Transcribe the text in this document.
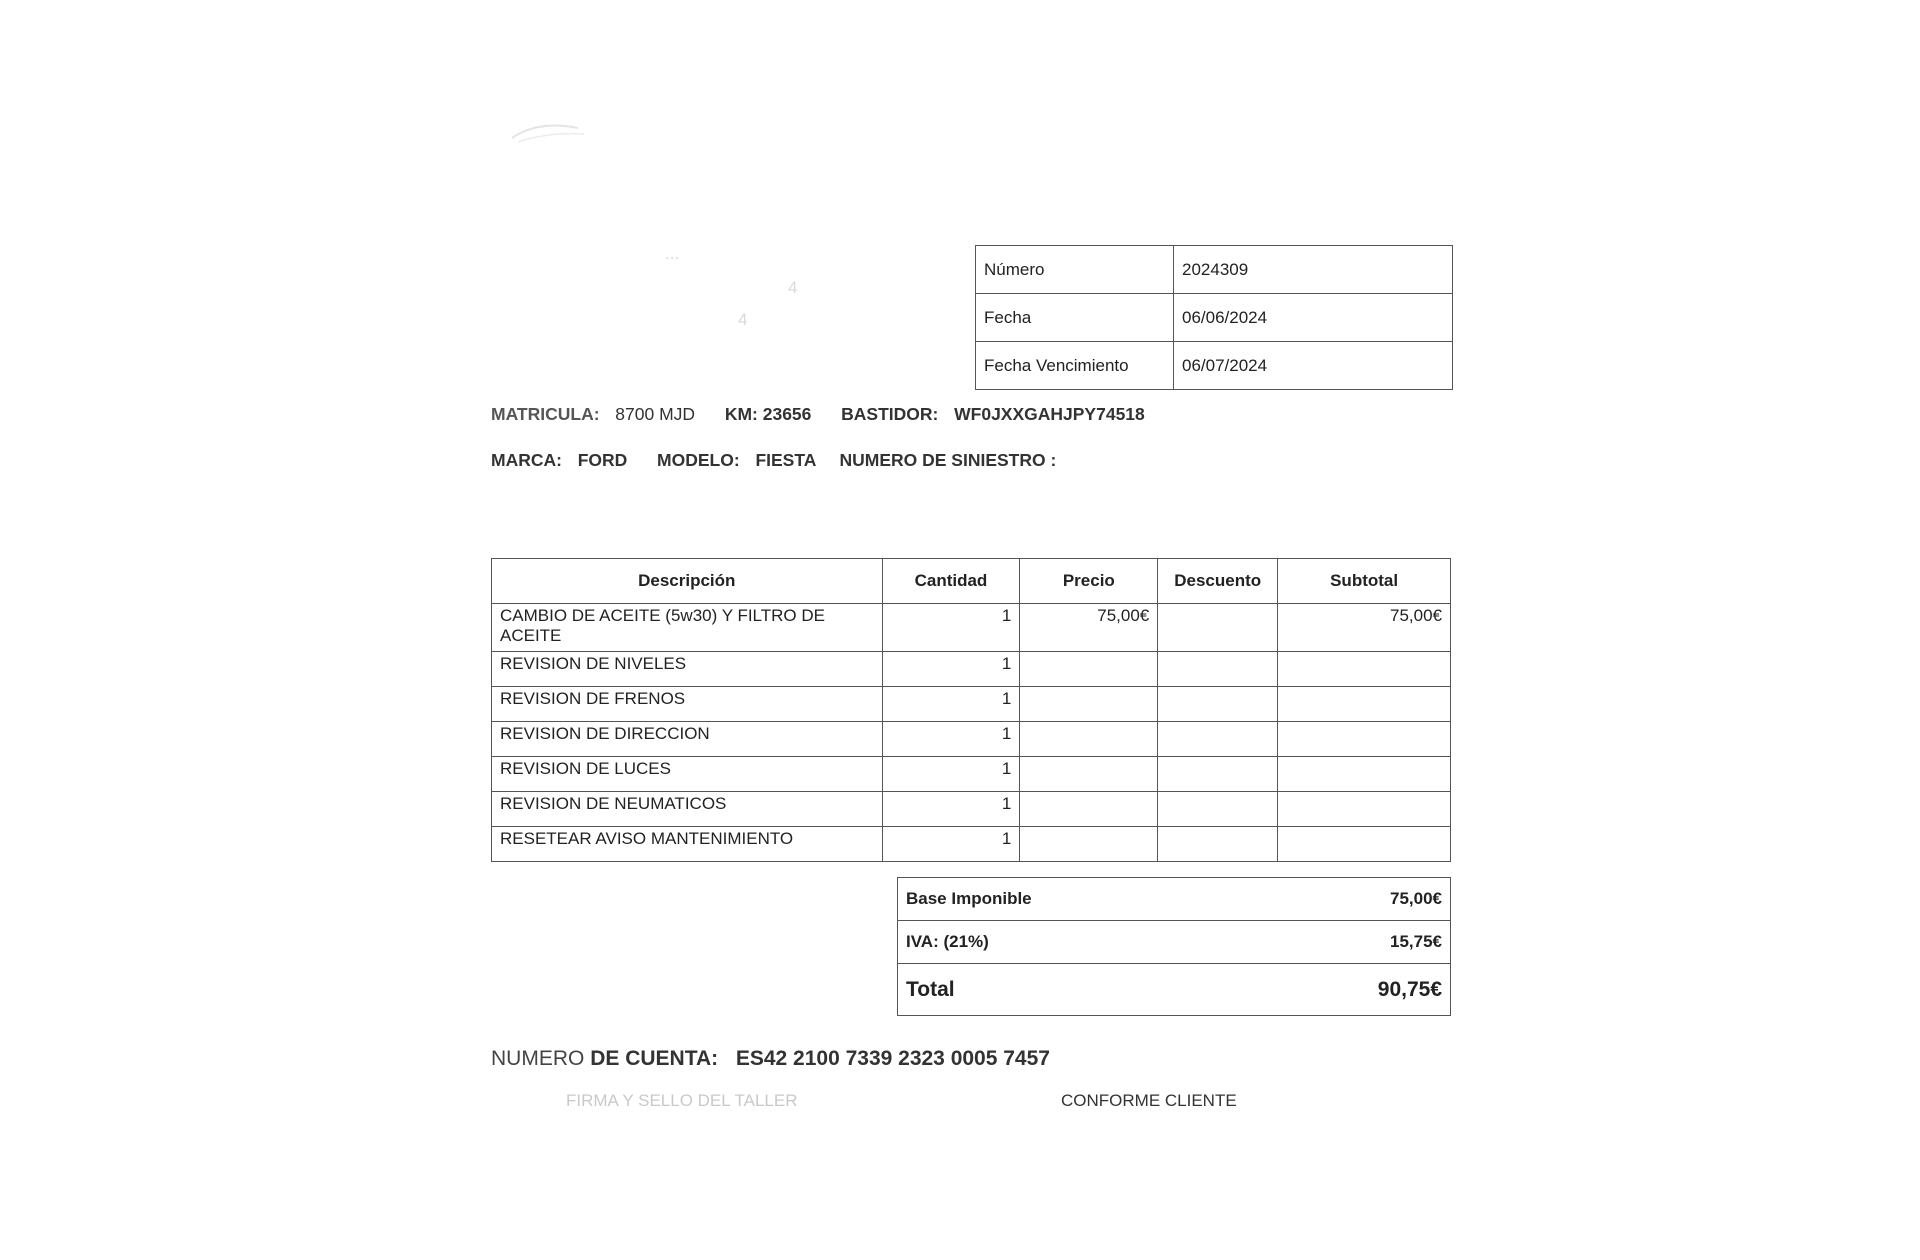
...
4
4
Número	2024309
Fecha	06/06/2024
Fecha Vencimiento	06/07/2024
MATRICULA: 8700 MJD KM: 23656 BASTIDOR: WF0JXXGAHJPY74518
MARCA: FORD MODELO: FIESTA NUMERO DE SINIESTRO :
Descripción	Cantidad	Precio	Descuento	Subtotal
CAMBIO DE ACEITE (5w30) Y FILTRO DE ACEITE	1	75,00€		75,00€
REVISION DE NIVELES	1			
REVISION DE FRENOS	1			
REVISION DE DIRECCION	1			
REVISION DE LUCES	1			
REVISION DE NEUMATICOS	1			
RESETEAR AVISO MANTENIMIENTO	1			
Base Imponible	75,00€
IVA: (21%)	15,75€
Total	90,75€
NUMERO DE CUENTA: ES42 2100 7339 2323 0005 7457
FIRMA Y SELLO DEL TALLER	CONFORME CLIENTE
